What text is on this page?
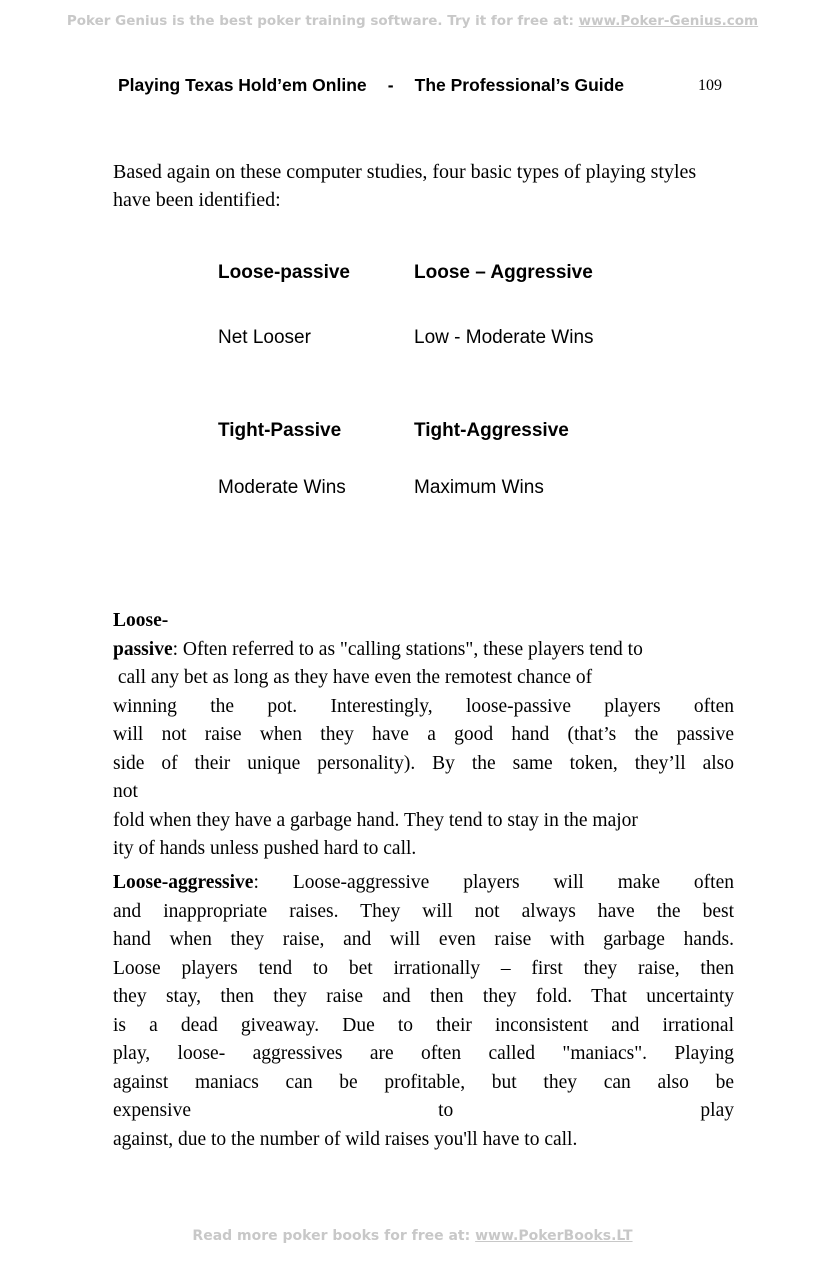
Poker Genius is the best poker training software. Try it for free at: www.Poker-Genius.com
Playing Texas Hold’em Online - The Professional’s Guide	109

Based again on these computer studies, four basic types of playing styles have been identified:

Loose-passive	Loose – Aggressive
Net Looser	Low - Moderate Wins
Tight-Passive	Tight-Aggressive
Moderate Wins	Maximum Wins
Loose-
passive: Often referred to as "calling stations", these players tend to
call any bet as long as they have even the remotest chance of
winning the pot. Interestingly, loose-passive players often
will not raise when they have a good hand (that’s the passive
side of their unique personality). By the same token, they’ll also
not
fold when they have a garbage hand. They tend to stay in the major
ity of hands unless pushed hard to call.
Loose-aggressive: Loose-aggressive players will make often
and inappropriate raises. They will not always have the best
hand when they raise, and will even raise with garbage hands.
Loose players tend to bet irrationally – first they raise, then
they stay, then they raise and then they fold. That uncertainty
is a dead giveaway. Due to their inconsistent and irrational
play, loose- aggressives are often called "maniacs". Playing
against maniacs can be profitable, but they can also be
expensive to play
against, due to the number of wild raises you'll have to call.
Read more poker books for free at: www.PokerBooks.LT
